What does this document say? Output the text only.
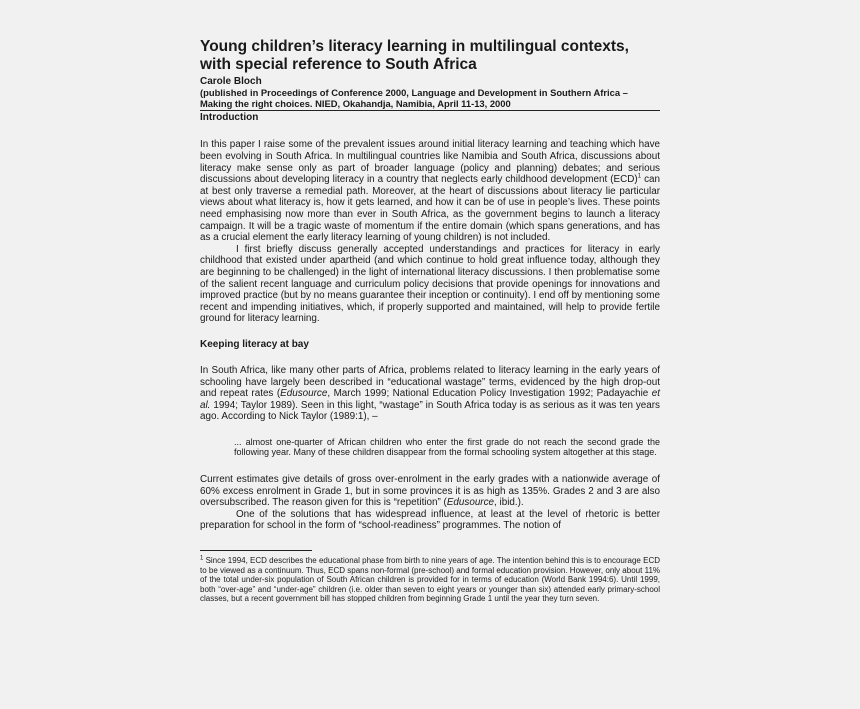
Young children’s literacy learning in multilingual contexts, with special reference to South Africa
Carole Bloch
(published in Proceedings of Conference 2000, Language and Development in Southern Africa – Making the right choices. NIED, Okahandja, Namibia, April 11-13, 2000
Introduction

In this paper I raise some of the prevalent issues around initial literacy learning and teaching which have been evolving in South Africa. In multilingual countries like Namibia and South Africa, discussions about literacy make sense only as part of broader language (policy and planning) debates; and serious discussions about developing literacy in a country that neglects early childhood development (ECD)$^1$ can at best only traverse a remedial path. Moreover, at the heart of discussions about literacy lie particular views about what literacy is, how it gets learned, and how it can be of use in people’s lives. These points need emphasising now more than ever in South Africa, as the government begins to launch a literacy campaign. It will be a tragic waste of momentum if the entire domain (which spans generations, and has as a crucial element the early literacy learning of young children) is not included.

I first briefly discuss generally accepted understandings and practices for literacy in early childhood that existed under apartheid (and which continue to hold great influence today, although they are beginning to be challenged) in the light of international literacy discussions. I then problematise some of the salient recent language and curriculum policy decisions that provide openings for innovations and improved practice (but by no means guarantee their inception or continuity). I end off by mentioning some recent and impending initiatives, which, if properly supported and maintained, will help to provide fertile ground for literacy learning.

Keeping literacy at bay

In South Africa, like many other parts of Africa, problems related to literacy learning in the early years of schooling have largely been described in “educational wastage” terms, evidenced by the high drop-out and repeat rates (Edusource, March 1999; National Education Policy Investigation 1992; Padayachie et al. 1994; Taylor 1989). Seen in this light, “wastage” in South Africa today is as serious as it was ten years ago. According to Nick Taylor (1989:1), –

... almost one-quarter of African children who enter the first grade do not reach the second grade the following year. Many of these children disappear from the formal schooling system altogether at this stage.

Current estimates give details of gross over-enrolment in the early grades with a nationwide average of 60% excess enrolment in Grade 1, but in some provinces it is as high as 135%. Grades 2 and 3 are also oversubscribed. The reason given for this is “repetition” (Edusource, ibid.).

One of the solutions that has widespread influence, at least at the level of rhetoric is better preparation for school in the form of “school-readiness” programmes. The notion of

$^1$ Since 1994, ECD describes the educational phase from birth to nine years of age. The intention behind this is to encourage ECD to be viewed as a continuum. Thus, ECD spans non-formal (pre-school) and formal education provision. However, only about 11% of the total under-six population of South African children is provided for in terms of education (World Bank 1994:6). Until 1999, both “over-age” and “under-age” children (i.e. older than seven to eight years or younger than six) attended early primary-school classes, but a recent government bill has stopped children from beginning Grade 1 until the year they turn seven.
